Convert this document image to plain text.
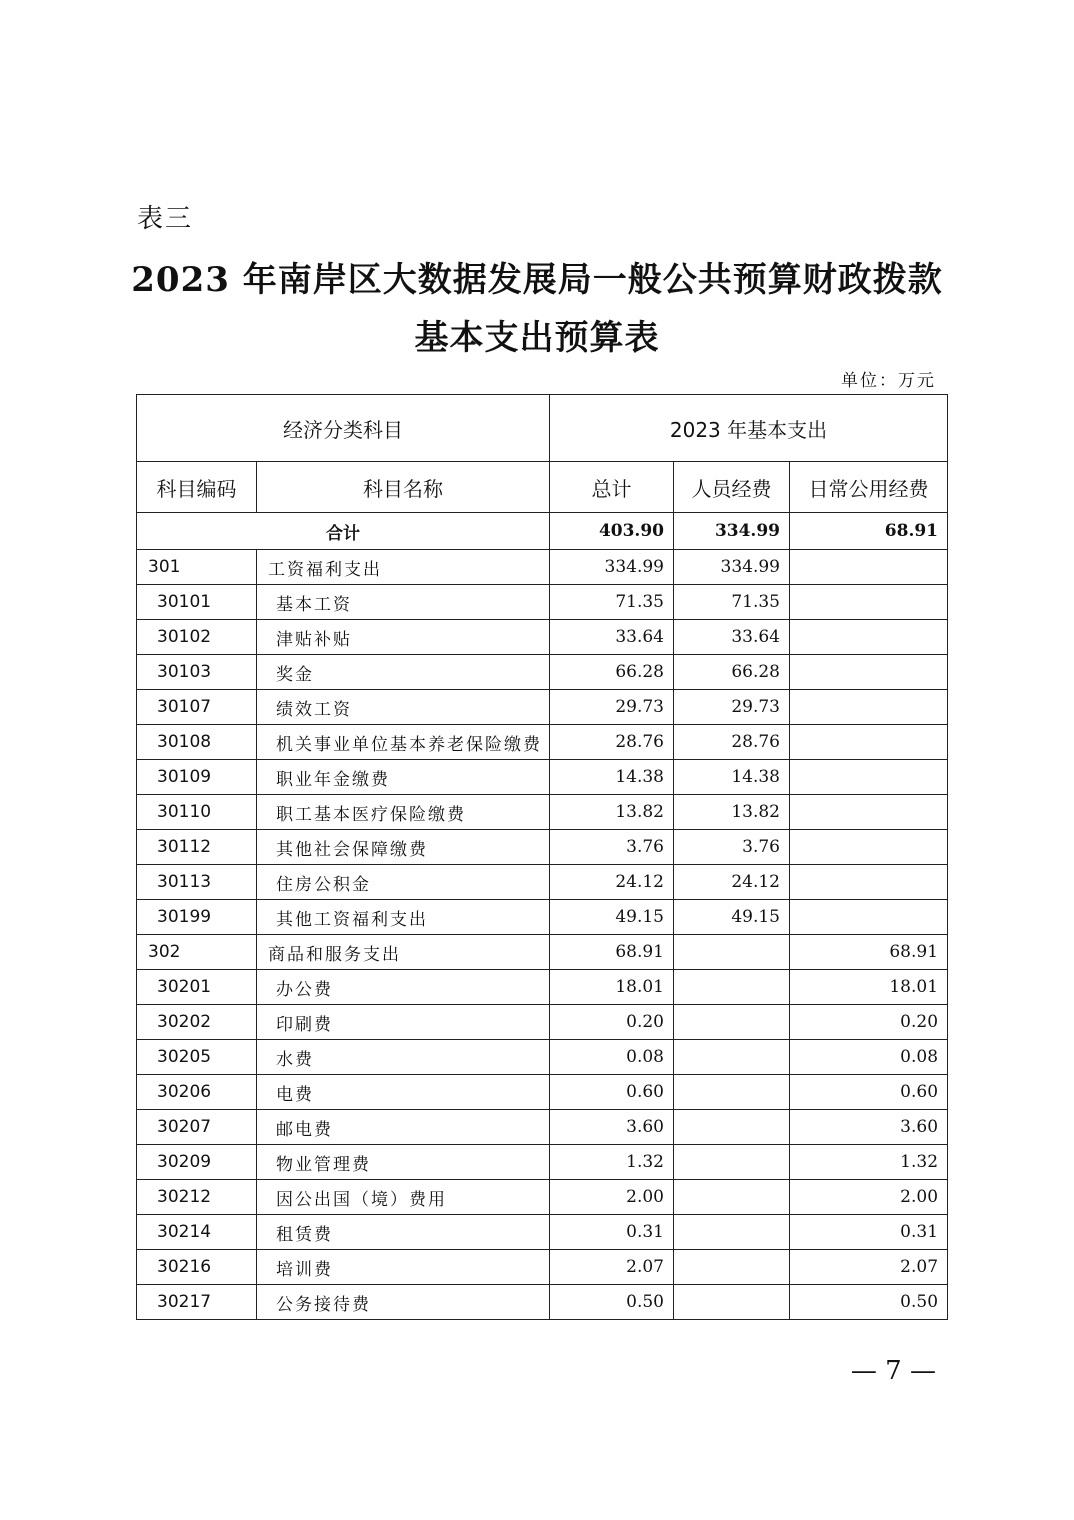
表三
2023 年南岸区大数据发展局一般公共预算财政拨款
基本支出预算表
单位：万元
经济分类科目		2023 年基本支出		
科目编码	科目名称	总计	人员经费	日常公用经费
合计		403.90	334.99	68.91
301	工资福利支出	334.99	334.99	
30101	基本工资	71.35	71.35	
30102	津贴补贴	33.64	33.64	
30103	奖金	66.28	66.28	
30107	绩效工资	29.73	29.73	
30108	机关事业单位基本养老保险缴费	28.76	28.76	
30109	职业年金缴费	14.38	14.38	
30110	职工基本医疗保险缴费	13.82	13.82	
30112	其他社会保障缴费	3.76	3.76	
30113	住房公积金	24.12	24.12	
30199	其他工资福利支出	49.15	49.15	
302	商品和服务支出	68.91		68.91
30201	办公费	18.01		18.01
30202	印刷费	0.20		0.20
30205	水费	0.08		0.08
30206	电费	0.60		0.60
30207	邮电费	3.60		3.60
30209	物业管理费	1.32		1.32
30212	因公出国（境）费用	2.00		2.00
30214	租赁费	0.31		0.31
30216	培训费	2.07		2.07
30217	公务接待费	0.50		0.50
— 7 —
